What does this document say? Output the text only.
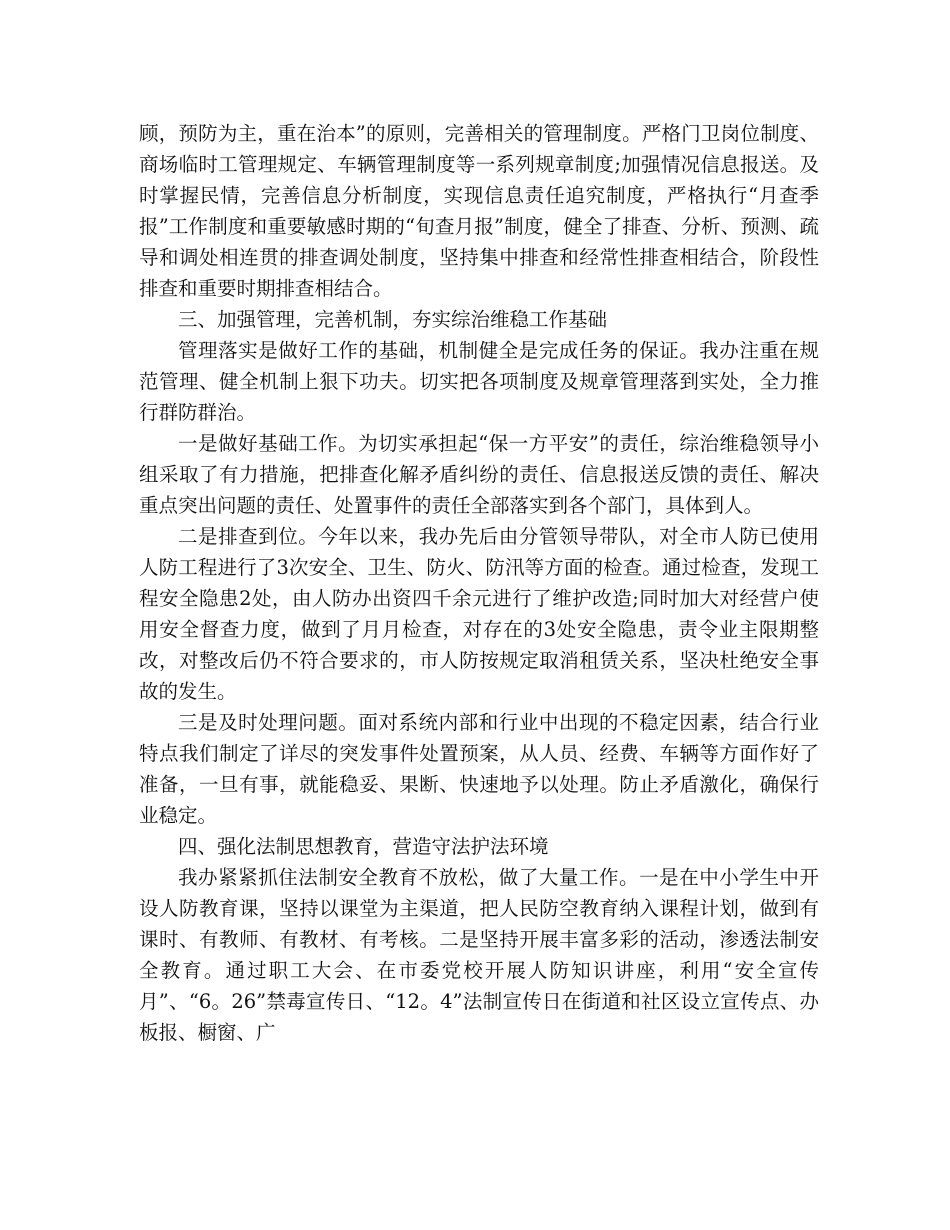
顾，预防为主，重在治本”的原则，完善相关的管理制度。严格门卫岗位制度、商场临时工管理规定、车辆管理制度等一系列规章制度;加强情况信息报送。及时掌握民情，完善信息分析制度，实现信息责任追究制度，严格执行“月查季报”工作制度和重要敏感时期的“旬查月报”制度，健全了排查、分析、预测、疏导和调处相连贯的排查调处制度，坚持集中排查和经常性排查相结合，阶段性排查和重要时期排查相结合。

三、加强管理，完善机制，夯实综治维稳工作基础

管理落实是做好工作的基础，机制健全是完成任务的保证。我办注重在规范管理、健全机制上狠下功夫。切实把各项制度及规章管理落到实处，全力推行群防群治。

一是做好基础工作。为切实承担起“保一方平安”的责任，综治维稳领导小组采取了有力措施，把排查化解矛盾纠纷的责任、信息报送反馈的责任、解决重点突出问题的责任、处置事件的责任全部落实到各个部门，具体到人。

二是排查到位。今年以来，我办先后由分管领导带队，对全市人防已使用人防工程进行了3次安全、卫生、防火、防汛等方面的检查。通过检查，发现工程安全隐患2处，由人防办出资四千余元进行了维护改造;同时加大对经营户使用安全督查力度，做到了月月检查，对存在的3处安全隐患，责令业主限期整改，对整改后仍不符合要求的，市人防按规定取消租赁关系，坚决杜绝安全事故的发生。

三是及时处理问题。面对系统内部和行业中出现的不稳定因素，结合行业特点我们制定了详尽的突发事件处置预案，从人员、经费、车辆等方面作好了准备，一旦有事，就能稳妥、果断、快速地予以处理。防止矛盾激化，确保行业稳定。

四、强化法制思想教育，营造守法护法环境

我办紧紧抓住法制安全教育不放松，做了大量工作。一是在中小学生中开设人防教育课，坚持以课堂为主渠道，把人民防空教育纳入课程计划，做到有课时、有教师、有教材、有考核。二是坚持开展丰富多彩的活动，渗透法制安全教育。通过职工大会、在市委党校开展人防知识讲座，利用“安全宣传月”、“6。26”禁毒宣传日、“12。4”法制宣传日在街道和社区设立宣传点、办板报、橱窗、广
